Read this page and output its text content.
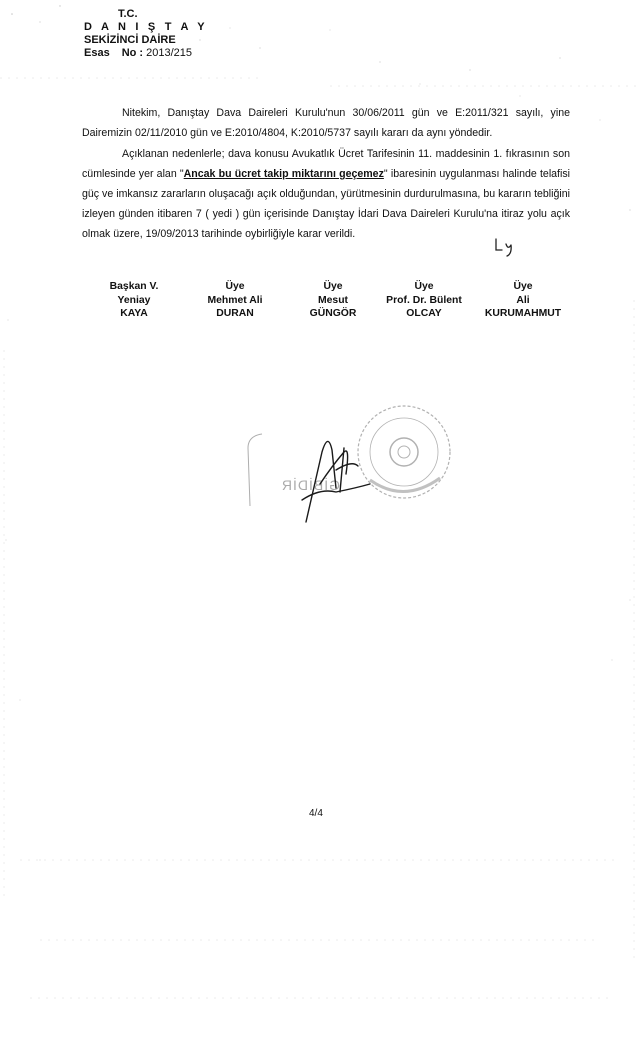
T.C.
D A N I Ş T A Y
SEKİZİNCİ DAİRE
Esas No : 2013/215
Nitekim, Danıştay Dava Daireleri Kurulu'nun 30/06/2011 gün ve E:2011/321 sayılı, yine Dairemizin 02/11/2010 gün ve E:2010/4804, K:2010/5737 sayılı kararı da aynı yöndedir.
Açıklanan nedenlerle; dava konusu Avukatlık Ücret Tarifesinin 11. maddesinin 1. fıkrasının son cümlesinde yer alan "Ancak bu ücret takip miktarını geçemez" ibaresinin uygulanması halinde telafisi güç ve imkansız zararların oluşacağı açık olduğundan, yürütmesinin durdurulmasına, bu kararın tebliğini izleyen günden itibaren 7 ( yedi ) gün içerisinde Danıştay İdari Dava Daireleri Kurulu'na itiraz yolu açık olmak üzere, 19/09/2013 tarihinde oybirliğiyle karar verildi.
Başkan V.
Yeniay
KAYA
Üye
Mehmet Ali
DURAN
Üye
Mesut
GÜNGÖR
Üye
Prof. Dr. Bülent
OLCAY
Üye
Ali
KURUMAHMUT
GİBİDİR
4/4
